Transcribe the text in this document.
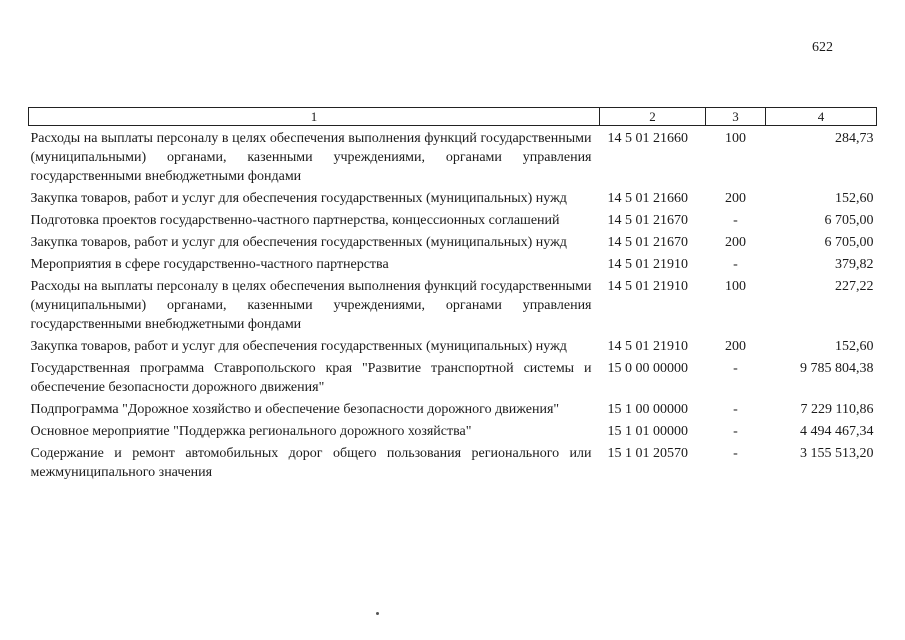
622
1	2	3	4
Расходы на выплаты персоналу в целях обеспечения выполнения функций государственными (муниципальными) органами, казенными учреждениями, органами управления государственными внебюджетными фондами	14 5 01 21660	100	284,73
Закупка товаров, работ и услуг для обеспечения государственных (муниципальных) нужд	14 5 01 21660	200	152,60
Подготовка проектов государственно-частного партнерства, концессионных соглашений	14 5 01 21670	-	6 705,00
Закупка товаров, работ и услуг для обеспечения государственных (муниципальных) нужд	14 5 01 21670	200	6 705,00
Мероприятия в сфере государственно-частного партнерства	14 5 01 21910	-	379,82
Расходы на выплаты персоналу в целях обеспечения выполнения функций государственными (муниципальными) органами, казенными учреждениями, органами управления государственными внебюджетными фондами	14 5 01 21910	100	227,22
Закупка товаров, работ и услуг для обеспечения государственных (муниципальных) нужд	14 5 01 21910	200	152,60
Государственная программа Ставропольского края "Развитие транспортной системы и обеспечение безопасности дорожного движения"	15 0 00 00000	-	9 785 804,38
Подпрограмма "Дорожное хозяйство и обеспечение безопасности дорожного движения"	15 1 00 00000	-	7 229 110,86
Основное мероприятие "Поддержка регионального дорожного хозяйства"	15 1 01 00000	-	4 494 467,34
Содержание и ремонт автомобильных дорог общего пользования регионального или межмуниципального значения	15 1 01 20570	-	3 155 513,20
